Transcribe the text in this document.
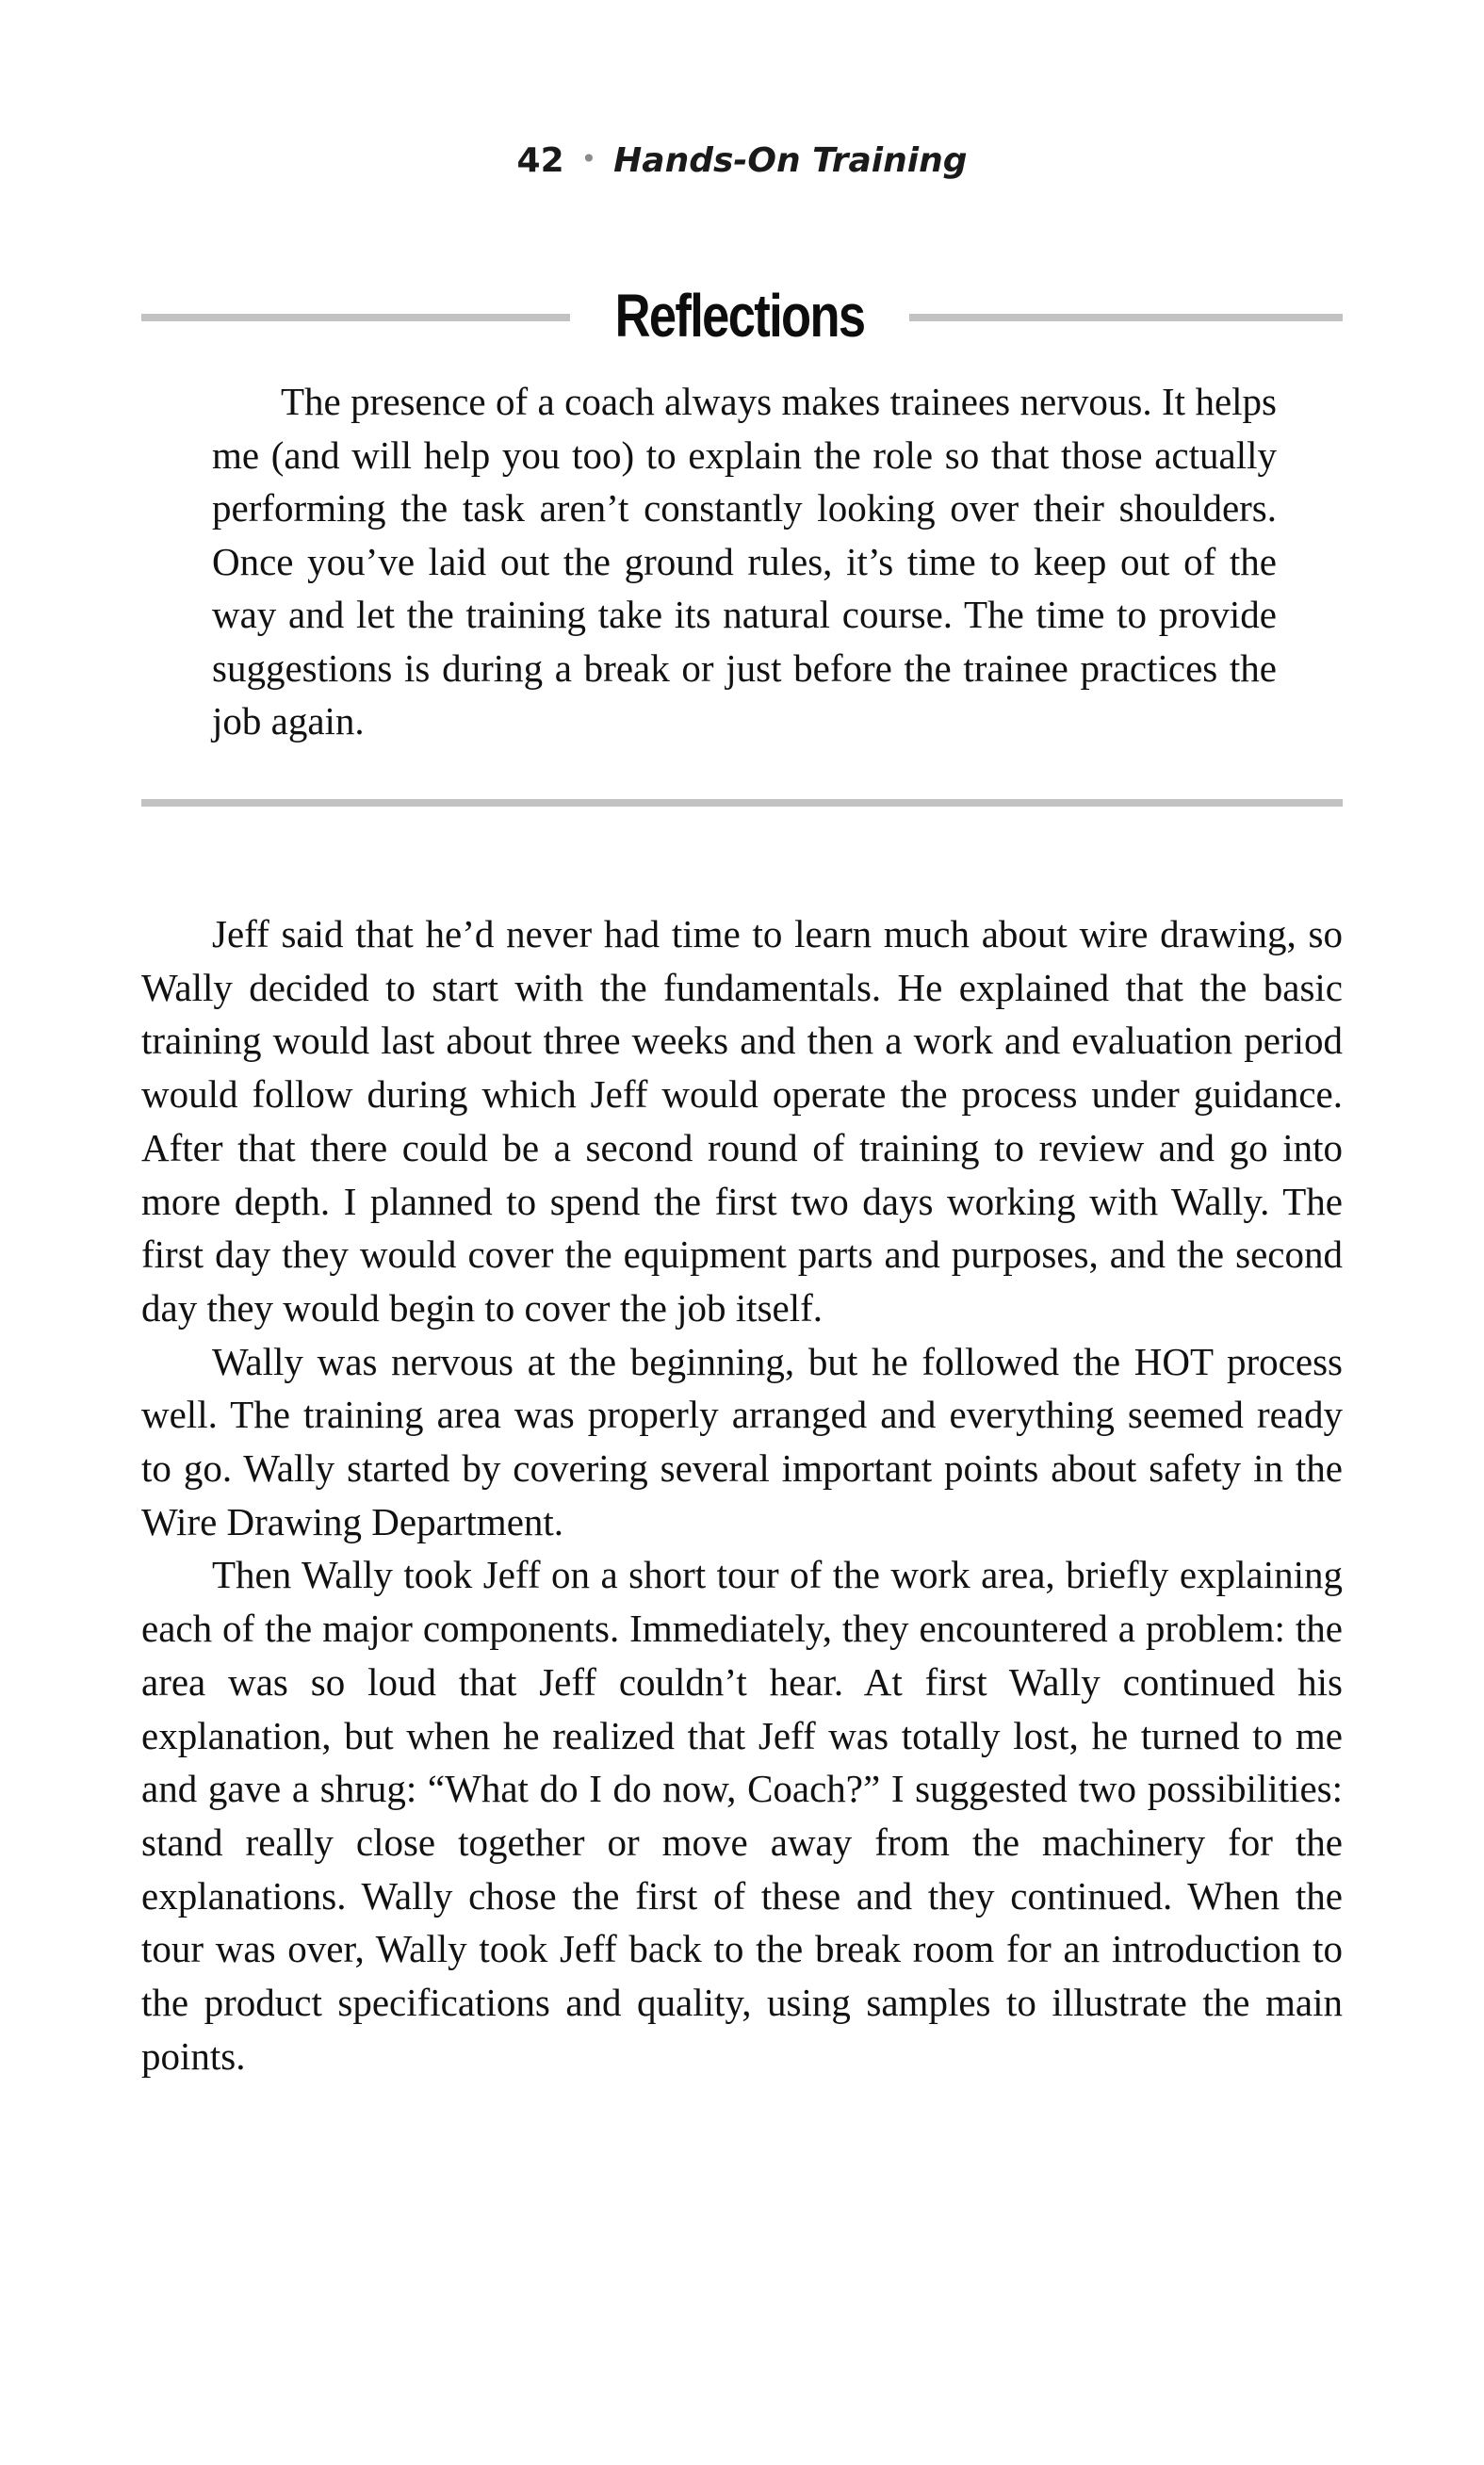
42 • Hands-On Training
Reflections

The presence of a coach always makes trainees nervous. It helps me (and will help you too) to explain the role so that those actually performing the task aren’t constantly looking over their shoulders. Once you’ve laid out the ground rules, it’s time to keep out of the way and let the training take its natural course. The time to provide suggestions is during a break or just before the trainee practices the job again.

Jeff said that he’d never had time to learn much about wire drawing, so Wally decided to start with the fundamentals. He explained that the basic training would last about three weeks and then a work and evaluation period would follow during which Jeff would operate the process under guidance. After that there could be a second round of training to review and go into more depth. I planned to spend the first two days working with Wally. The first day they would cover the equipment parts and purposes, and the second day they would begin to cover the job itself.

Wally was nervous at the beginning, but he followed the HOT process well. The training area was properly arranged and everything seemed ready to go. Wally started by covering several important points about safety in the Wire Drawing Department.

Then Wally took Jeff on a short tour of the work area, briefly explaining each of the major components. Immediately, they encountered a problem: the area was so loud that Jeff couldn’t hear. At first Wally continued his explanation, but when he realized that Jeff was totally lost, he turned to me and gave a shrug: “What do I do now, Coach?” I suggested two possibilities: stand really close together or move away from the machinery for the explanations. Wally chose the first of these and they continued. When the tour was over, Wally took Jeff back to the break room for an introduction to the product specifications and quality, using samples to illustrate the main points.
